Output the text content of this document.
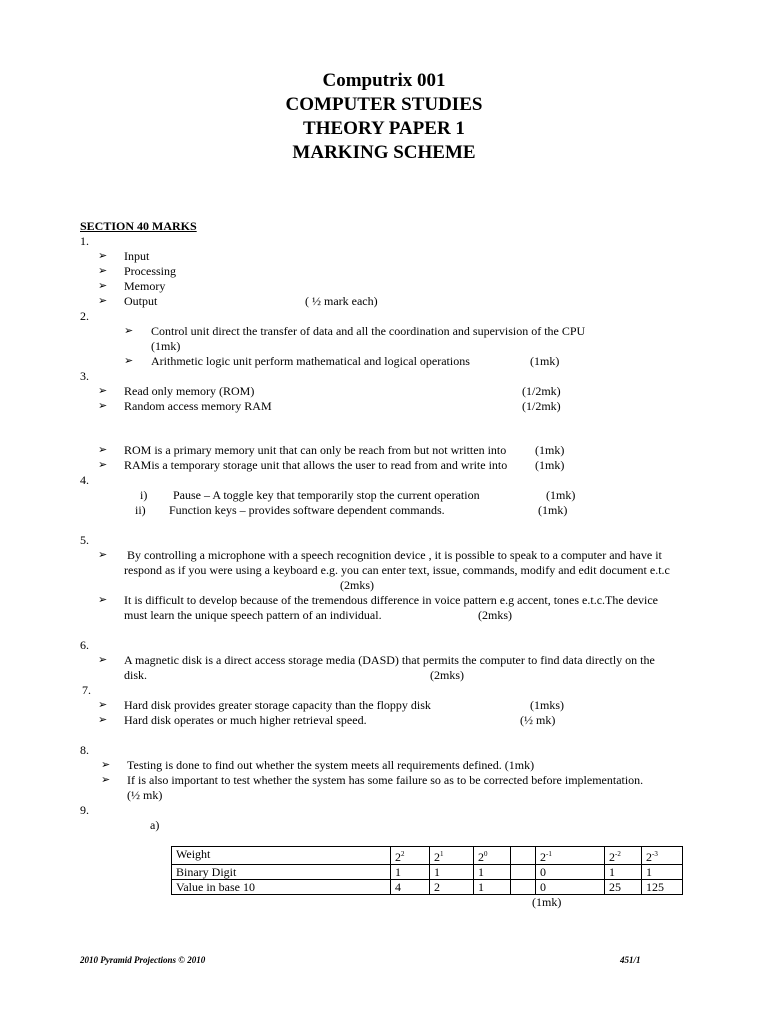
Computrix 001
COMPUTER STUDIES
THEORY PAPER 1
MARKING SCHEME
SECTION 40 MARKS
1.
➢ Input
➢ Processing
➢ Memory
➢ Output	( ½ mark each)
2.
➢ Control unit direct the transfer of data and all the coordination and supervision of the CPU
(1mk)
➢ Arithmetic logic unit perform mathematical and logical operations	(1mk)
3.
➢ Read only memory (ROM)	(1/2mk)
➢ Random access memory RAM	(1/2mk)
➢ ROM is a primary memory unit that can only be reach from but not written into (1mk)
➢ RAMis a temporary storage unit that allows the user to read from and write into (1mk)
4.
i) Pause – A toggle key that temporarily stop the current operation	(1mk)
ii) Function keys – provides software dependent commands.	(1mk)
5.
➢ By controlling a microphone with a speech recognition device , it is possible to speak to a computer and have it
respond as if you were using a keyboard e.g. you can enter text, issue, commands, modify and edit document e.t.c
(2mks)
➢ It is difficult to develop because of the tremendous difference in voice pattern e.g accent, tones e.t.c.The device
must learn the unique speech pattern of an individual.	(2mks)
6.
➢ A magnetic disk is a direct access storage media (DASD) that permits the computer to find data directly on the
disk.	(2mks)
7.
➢ Hard disk provides greater storage capacity than the floppy disk	(1mks)
➢ Hard disk operates or much higher retrieval speed.	(½ mk)
8.
➢ Testing is done to find out whether the system meets all requirements defined. (1mk)
➢ If is also important to test whether the system has some failure so as to be corrected before implementation.
(½ mk)
9.
a)
Weight	$2^2$	$2^1$	$2^0$		$2^{-1}$	$2^{-2}$	$2^{-3}$
Binary Digit	1	1	1		0	1	1
Value in base 10	4	2	1		0	25	125
(1mk)
2010 Pyramid Projections © 2010	451/1
